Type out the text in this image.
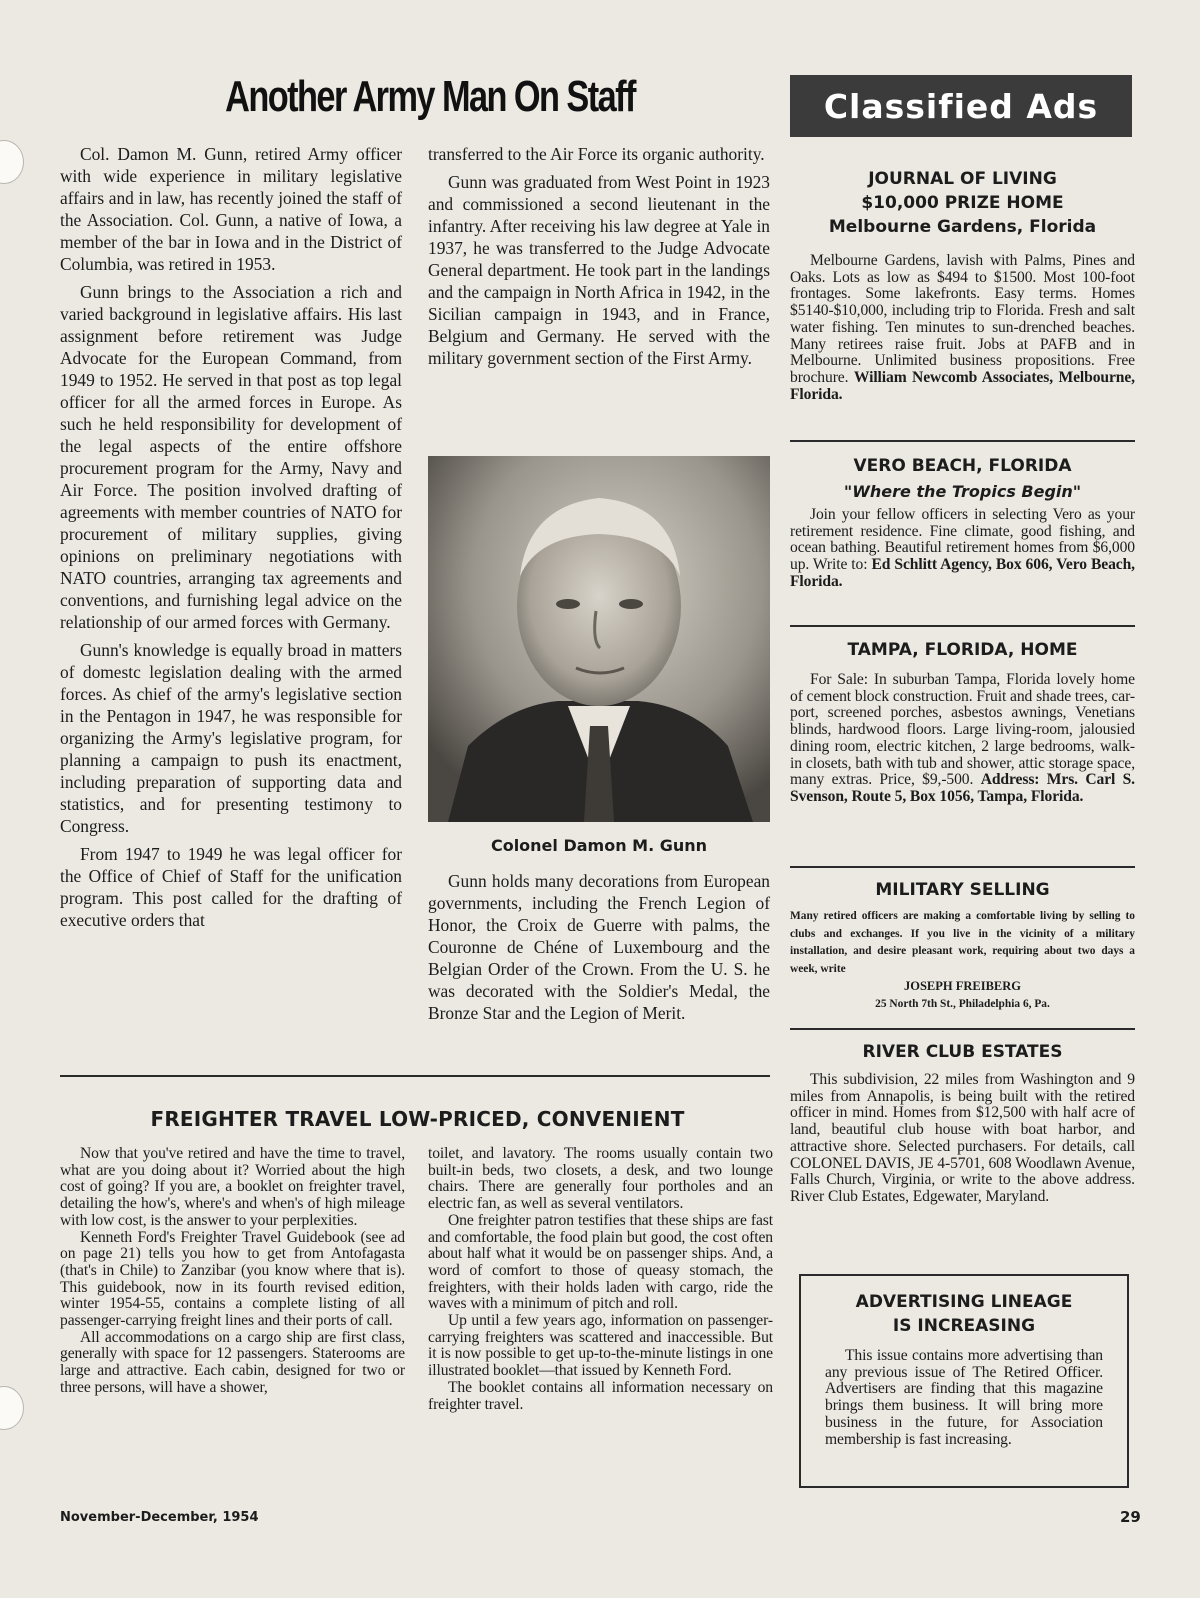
Another Army Man On Staff	Classified Ads

Col. Damon M. Gunn, retired Army officer with wide experience in military legislative affairs and in law, has recently joined the staff of the Association. Col. Gunn, a native of Iowa, a member of the bar in Iowa and in the District of Columbia, was retired in 1953.

Gunn brings to the Association a rich and varied background in legislative affairs. His last assignment before retirement was Judge Advocate for the European Command, from 1949 to 1952. He served in that post as top legal officer for all the armed forces in Europe. As such he held responsibility for development of the legal aspects of the entire offshore procurement program for the Army, Navy and Air Force. The position involved drafting of agreements with member countries of NATO for procurement of military supplies, giving opinions on preliminary negotiations with NATO countries, arranging tax agreements and conventions, and furnishing legal advice on the relationship of our armed forces with Germany.

Gunn's knowledge is equally broad in matters of domestc legislation dealing with the armed forces. As chief of the army's legislative section in the Pentagon in 1947, he was responsible for organizing the Army's legislative program, for planning a campaign to push its enactment, including preparation of supporting data and statistics, and for presenting testimony to Congress.

From 1947 to 1949 he was legal officer for the Office of Chief of Staff for the unification program. This post called for the drafting of executive orders that

transferred to the Air Force its organic authority.

Gunn was graduated from West Point in 1923 and commissioned a second lieutenant in the infantry. After receiving his law degree at Yale in 1937, he was transferred to the Judge Advocate General department. He took part in the landings and the campaign in North Africa in 1942, in the Sicilian campaign in 1943, and in France, Belgium and Germany. He served with the military government section of the First Army.

Colonel Damon M. Gunn

Gunn holds many decorations from European governments, including the French Legion of Honor, the Croix de Guerre with palms, the Couronne de Chéne of Luxembourg and the Belgian Order of the Crown. From the U. S. he was decorated with the Soldier's Medal, the Bronze Star and the Legion of Merit.

FREIGHTER TRAVEL LOW-PRICED, CONVENIENT

Now that you've retired and have the time to travel, what are you doing about it? Worried about the high cost of going? If you are, a booklet on freighter travel, detailing the how's, where's and when's of high mileage with low cost, is the answer to your perplexities.

Kenneth Ford's Freighter Travel Guidebook (see ad on page 21) tells you how to get from Antofagasta (that's in Chile) to Zanzibar (you know where that is). This guidebook, now in its fourth revised edition, winter 1954-55, contains a complete listing of all passenger-carrying freight lines and their ports of call.

All accommodations on a cargo ship are first class, generally with space for 12 passengers. Staterooms are large and attractive. Each cabin, designed for two or three persons, will have a shower,

toilet, and lavatory. The rooms usually contain two built-in beds, two closets, a desk, and two lounge chairs. There are generally four portholes and an electric fan, as well as several ventilators.

One freighter patron testifies that these ships are fast and comfortable, the food plain but good, the cost often about half what it would be on passenger ships. And, a word of comfort to those of queasy stomach, the freighters, with their holds laden with cargo, ride the waves with a minimum of pitch and roll.

Up until a few years ago, information on passenger-carrying freighters was scattered and inaccessible. But it is now possible to get up-to-the-minute listings in one illustrated booklet—that issued by Kenneth Ford.

The booklet contains all information necessary on freighter travel.

JOURNAL OF LIVING

$10,000 PRIZE HOME

Melbourne Gardens, Florida

Melbourne Gardens, lavish with Palms, Pines and Oaks. Lots as low as $494 to $1500. Most 100-foot frontages. Some lakefronts. Easy terms. Homes $5140-$10,000, including trip to Florida. Fresh and salt water fishing. Ten minutes to sun-drenched beaches. Many retirees raise fruit. Jobs at PAFB and in Melbourne. Unlimited business propositions. Free brochure. William Newcomb Associates, Melbourne, Florida.

VERO BEACH, FLORIDA

"Where the Tropics Begin"

Join your fellow officers in selecting Vero as your retirement residence. Fine climate, good fishing, and ocean bathing. Beautiful retirement homes from $6,000 up. Write to: Ed Schlitt Agency, Box 606, Vero Beach, Florida.

TAMPA, FLORIDA, HOME

For Sale: In suburban Tampa, Florida lovely home of cement block construction. Fruit and shade trees, car-port, screened porches, asbestos awnings, Venetians blinds, hardwood floors. Large living-room, jalousied dining room, electric kitchen, 2 large bedrooms, walk-in closets, bath with tub and shower, attic storage space, many extras. Price, $9,-500. Address: Mrs. Carl S. Svenson, Route 5, Box 1056, Tampa, Florida.

MILITARY SELLING

Many retired officers are making a comfortable living by selling to clubs and exchanges. If you live in the vicinity of a military installation, and desire pleasant work, requiring about two days a week, write

JOSEPH FREIBERG

25 North 7th St., Philadelphia 6, Pa.

RIVER CLUB ESTATES

This subdivision, 22 miles from Washington and 9 miles from Annapolis, is being built with the retired officer in mind. Homes from $12,500 with half acre of land, beautiful club house with boat harbor, and attractive shore. Selected purchasers. For details, call COLONEL DAVIS, JE 4-5701, 608 Woodlawn Avenue, Falls Church, Virginia, or write to the above address. River Club Estates, Edgewater, Maryland.

ADVERTISING LINEAGE

IS INCREASING

This issue contains more advertising than any previous issue of The Retired Officer. Advertisers are finding that this magazine brings them business. It will bring more business in the future, for Association membership is fast increasing.

November-December, 1954	29
